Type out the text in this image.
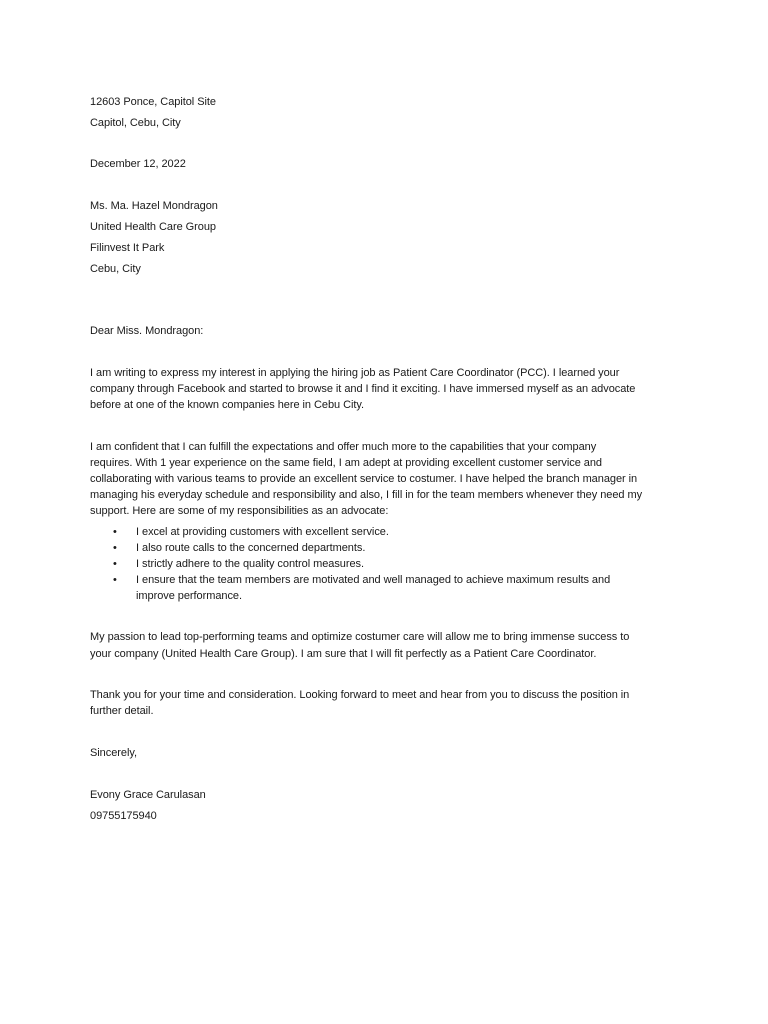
12603 Ponce, Capitol Site
Capitol, Cebu, City
December 12, 2022
Ms. Ma. Hazel Mondragon
United Health Care Group
Filinvest It Park
Cebu, City
Dear Miss. Mondragon:
I am writing to express my interest in applying the hiring job as Patient Care Coordinator (PCC). I learned your
company through Facebook and started to browse it and I find it exciting. I have immersed myself as an advocate
before at one of the known companies here in Cebu City.
I am confident that I can fulfill the expectations and offer much more to the capabilities that your company
requires. With 1 year experience on the same field, I am adept at providing excellent customer service and
collaborating with various teams to provide an excellent service to costumer. I have helped the branch manager in
managing his everyday schedule and responsibility and also, I fill in for the team members whenever they need my
support. Here are some of my responsibilities as an advocate:
• I excel at providing customers with excellent service.
• I also route calls to the concerned departments.
• I strictly adhere to the quality control measures.
• I ensure that the team members are motivated and well managed to achieve maximum results and
improve performance.
My passion to lead top-performing teams and optimize costumer care will allow me to bring immense success to
your company (United Health Care Group). I am sure that I will fit perfectly as a Patient Care Coordinator.
Thank you for your time and consideration. Looking forward to meet and hear from you to discuss the position in
further detail.
Sincerely,
Evony Grace Carulasan
09755175940
